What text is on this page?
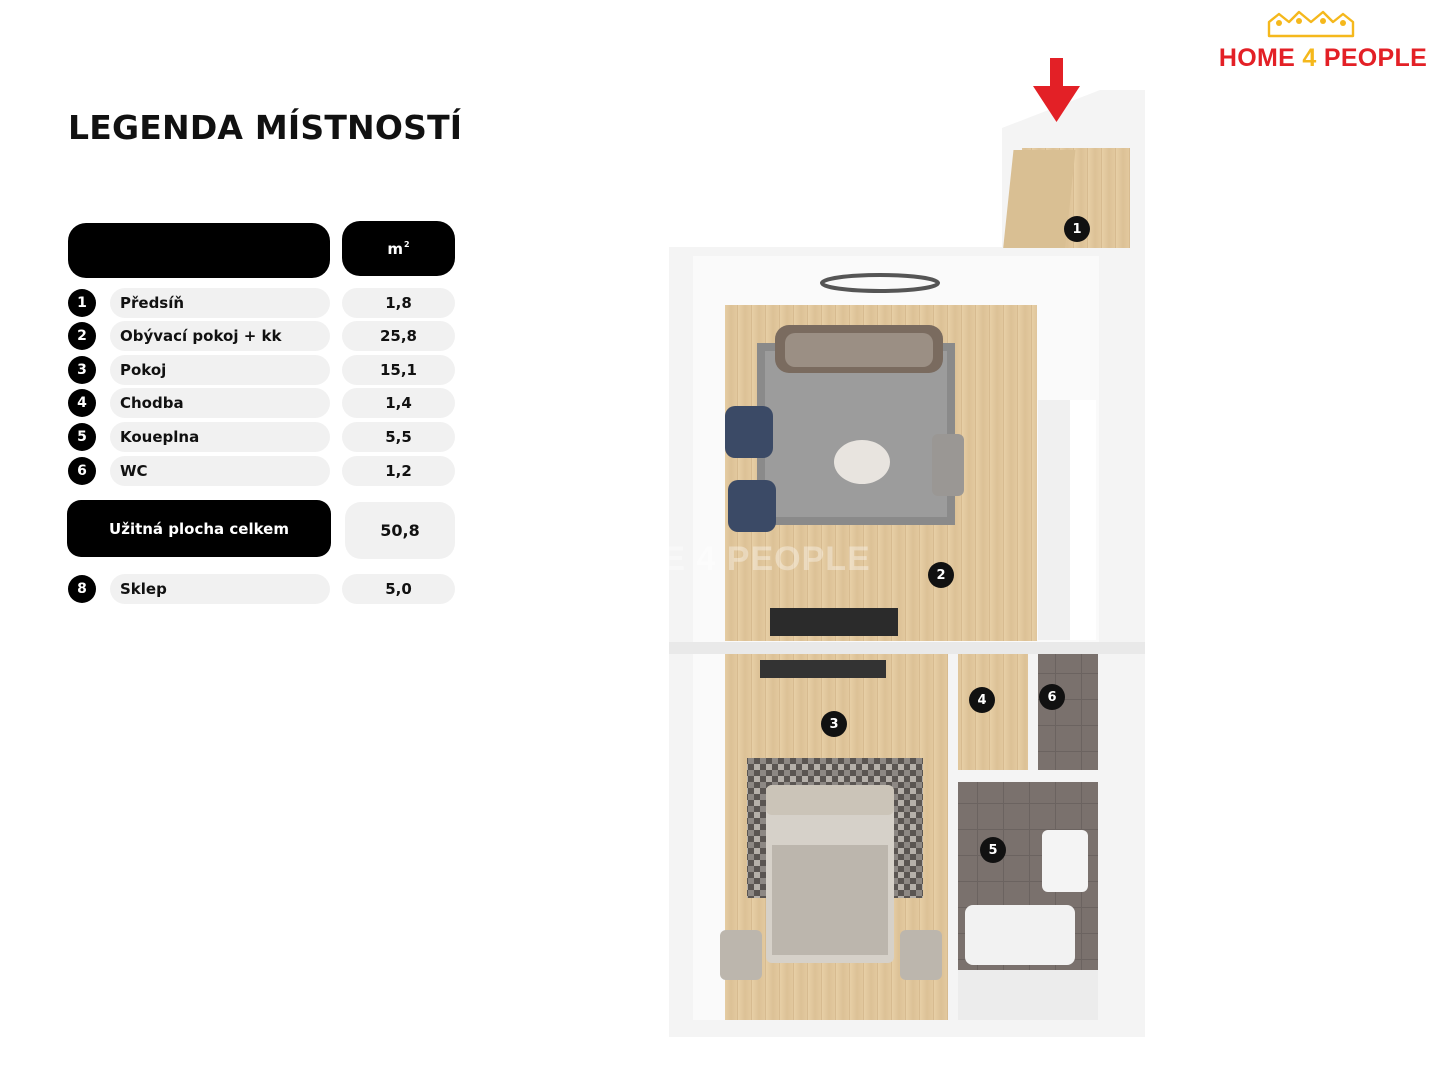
HOME 4 PEOPLE
LEGENDA MÍSTNOSTÍ
$m^2$
1	Předsíň	1,8
2	Obývací pokoj + kk	25,8
3	Pokoj	15,1
4	Chodba	1,4
5	Koueplna	5,5
6	WC	1,2
Užitná plocha celkem	50,8
8	Sklep	5,0
1
2
3
4
5
6
HOME 4 PEOPLE
